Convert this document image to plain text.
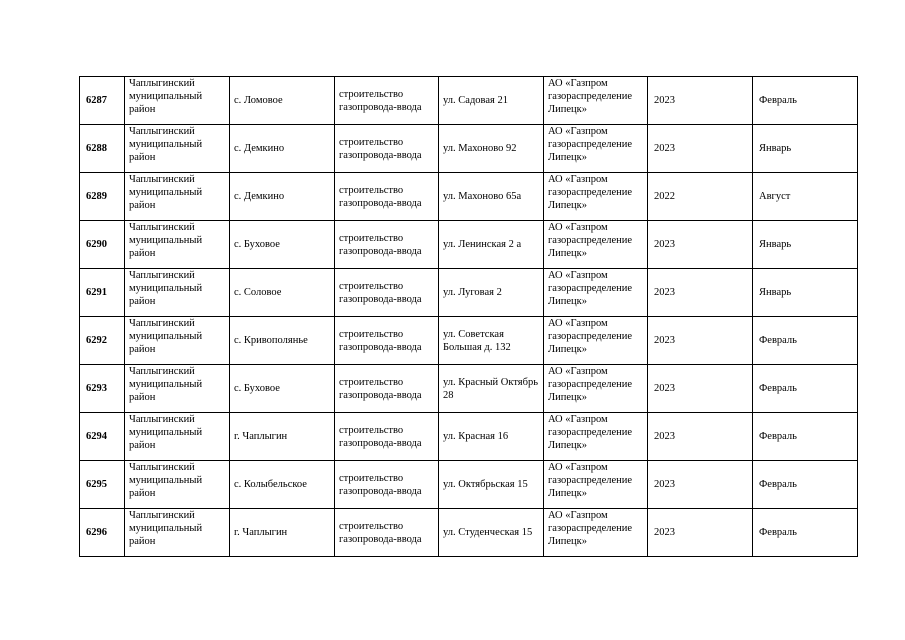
6287	Чаплыгинский муниципальный район	с. Ломовое	строительство газопровода-ввода	ул. Садовая 21	АО «Газпром газораспределение Липецк»	2023	Февраль
6288	Чаплыгинский муниципальный район	с. Демкино	строительство газопровода-ввода	ул. Махоново 92	АО «Газпром газораспределение Липецк»	2023	Январь
6289	Чаплыгинский муниципальный район	с. Демкино	строительство газопровода-ввода	ул. Махоново 65а	АО «Газпром газораспределение Липецк»	2022	Август
6290	Чаплыгинский муниципальный район	с. Буховое	строительство газопровода-ввода	ул. Ленинская 2 а	АО «Газпром газораспределение Липецк»	2023	Январь
6291	Чаплыгинский муниципальный район	с. Соловое	строительство газопровода-ввода	ул. Луговая 2	АО «Газпром газораспределение Липецк»	2023	Январь
6292	Чаплыгинский муниципальный район	с. Кривополянье	строительство газопровода-ввода	ул. Советская Большая д. 132	АО «Газпром газораспределение Липецк»	2023	Февраль
6293	Чаплыгинский муниципальный район	с. Буховое	строительство газопровода-ввода	ул. Красный Октябрь 28	АО «Газпром газораспределение Липецк»	2023	Февраль
6294	Чаплыгинский муниципальный район	г. Чаплыгин	строительство газопровода-ввода	ул. Красная 16	АО «Газпром газораспределение Липецк»	2023	Февраль
6295	Чаплыгинский муниципальный район	с. Колыбельское	строительство газопровода-ввода	ул. Октябрьская 15	АО «Газпром газораспределение Липецк»	2023	Февраль
6296	Чаплыгинский муниципальный район	г. Чаплыгин	строительство газопровода-ввода	ул. Студенческая 15	АО «Газпром газораспределение Липецк»	2023	Февраль
